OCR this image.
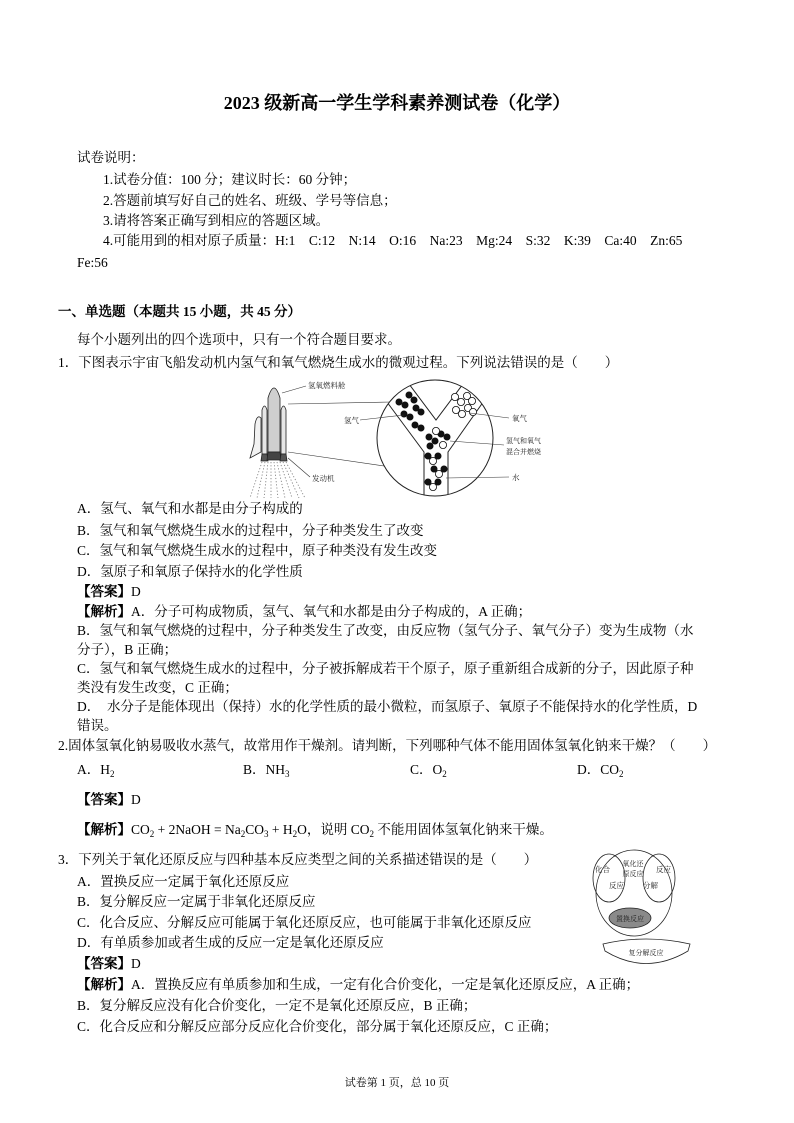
2023 级新高一学生学科素养测试卷（化学）
试卷说明：
1.试卷分值：100 分；建议时长：60 分钟；
2.答题前填写好自己的姓名、班级、学号等信息；
3.请将答案正确写到相应的答题区域。
4.可能用到的相对原子质量：H:1　C:12　N:14　O:16　Na:23　Mg:24　S:32　K:39　Ca:40　Zn:65
Fe:56
一、单选题（本题共 15 小题，共 45 分）
每个小题列出的四个选项中，只有一个符合题目要求。
1．下图表示宇宙飞船发动机内氢气和氧气燃烧生成水的微观过程。下列说法错误的是（　　）
氢氧燃料舱
发动机
氢气	氧气
氢气和氧气
混合并燃烧
水
A．氢气、氧气和水都是由分子构成的
B．氢气和氧气燃烧生成水的过程中，分子种类发生了改变
C．氢气和氧气燃烧生成水的过程中，原子种类没有发生改变
D．氢原子和氧原子保持水的化学性质
【答案】D
【解析】A．分子可构成物质，氢气、氧气和水都是由分子构成的，A 正确；
B．氢气和氧气燃烧的过程中，分子种类发生了改变，由反应物（氢气分子、氧气分子）变为生成物（水
分子），B 正确；
C．氢气和氧气燃烧生成水的过程中，分子被拆解成若干个原子，原子重新组合成新的分子，因此原子种
类没有发生改变，C 正确；
D．　水分子是能体现出（保持）水的化学性质的最小微粒，而氢原子、氧原子不能保持水的化学性质，D
错误。
2.固体氢氧化钠易吸收水蒸气，故常用作干燥剂。请判断，下列哪种气体不能用固体氢氧化钠来干燥？（　　）
A．$H_2$	B．$NH_3$	C．$O_2$	D．$CO_2$
【答案】D
【解析】$CO_2$ + 2NaOH = $Na_2CO_3 + H_2O$，说明 $CO_2$ 不能用固体氢氧化钠来干燥。
3．下列关于氧化还原反应与四种基本反应类型之间的关系描述错误的是（　　）
化合
氧化还
原反应
反应
反应	分解
置换反应
复分解反应
A．置换反应一定属于氧化还原反应
B．复分解反应一定属于非氧化还原反应
C．化合反应、分解反应可能属于氧化还原反应，也可能属于非氧化还原反应
D．有单质参加或者生成的反应一定是氧化还原反应
【答案】D
【解析】A．置换反应有单质参加和生成，一定有化合价变化，一定是氧化还原反应，A 正确；
B．复分解反应没有化合价变化，一定不是氧化还原反应，B 正确；
C．化合反应和分解反应部分反应化合价变化，部分属于氧化还原反应，C 正确；
试卷第 1 页，总 10 页
